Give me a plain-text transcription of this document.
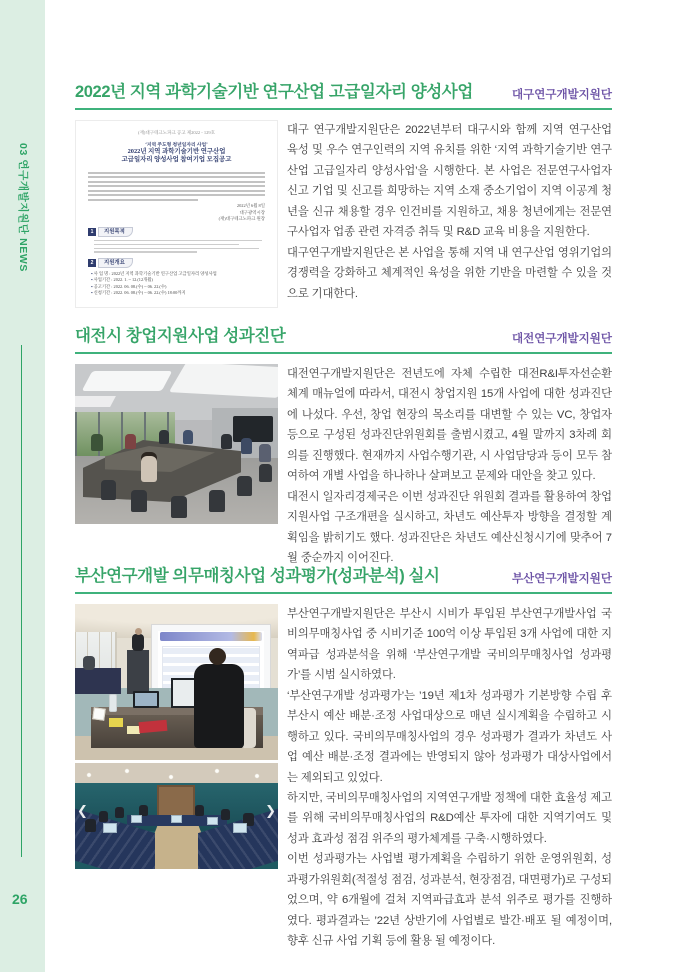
03 연구개발지원단 NEWS
26
2022년 지역 과학기술기반 연구산업 고급일자리 양성사업	대구연구개발지원단
(재)대구테크노파크 공고 제2022 - 129호
‘지역 주도형 청년일자리 사업’
2022년 지역 과학기술기반 연구산업
고급일자리 양성사업 참여기업 모집공고
2022년 6월 8일
대구광역시장
(재)대구테크노파크 원장
1	지원목적
2	지원개요
▪ 사 업 명 : 2022년 지역 과학기술기반 연구산업 고급일자리 양성사업
▪ 사업기간 : 2022. 1. ~ 12.(12개월)
▪ 공고기간 : 2022. 06. 08.(수) ~ 06. 22.(수)
▪ 신청기간 : 2022. 06. 08.(수) ~ 06. 22.(수) 18:00까지

대구 연구개발지원단은 2022년부터 대구시와 함께 지역 연구산업 육성 및 우수 연구인력의 지역 유치를 위한 ‘지역 과학기술기반 연구산업 고급일자리 양성사업’을 시행한다. 본 사업은 전문연구사업자 신고 기업 및 신고를 희망하는 지역 소재 중소기업이 지역 이공계 청년을 신규 채용할 경우 인건비를 지원하고, 채용 청년에게는 전문연구사업자 업종 관련 자격증 취득 및 R&D 교육 비용을 지원한다.

대구연구개발지원단은 본 사업을 통해 지역 내 연구산업 영위기업의 경쟁력을 강화하고 체계적인 육성을 위한 기반을 마련할 수 있을 것으로 기대한다.

대전시 창업지원사업 성과진단	대전연구개발지원단

대전연구개발지원단은 전년도에 자체 수립한 대전R&I투자선순환 체계 매뉴얼에 따라서, 대전시 창업지원 15개 사업에 대한 성과진단에 나섰다. 우선, 창업 현장의 목소리를 대변할 수 있는 VC, 창업자 등으로 구성된 성과진단위원회를 출범시켰고, 4월 말까지 3차례 회의를 진행했다. 현재까지 사업수행기관, 시 사업담당과 등이 모두 참여하여 개별 사업을 하나하나 살펴보고 문제와 대안을 찾고 있다.

대전시 일자리경제국은 이번 성과진단 위원회 결과를 활용하여 창업지원사업 구조개편을 실시하고, 차년도 예산투자 방향을 결정할 계획임을 밝히기도 했다. 성과진단은 차년도 예산신청시기에 맞추어 7월 중순까지 이어진다.

부산연구개발 의무매칭사업 성과평가(성과분석) 실시	부산연구개발지원단
❮	❯

부산연구개발지원단은 부산시 시비가 투입된 부산연구개발사업 국비의무매칭사업 중 시비기준 100억 이상 투입된 3개 사업에 대한 지역파급 성과분석을 위해 ‘부산연구개발 국비의무매칭사업 성과평가’를 시범 실시하였다.

‘부산연구개발 성과평가’는 ’19년 제1차 성과평가 기본방향 수립 후 부산시 예산 배분·조정 사업대상으로 매년 실시계획을 수립하고 시행하고 있다. 국비의무매칭사업의 경우 성과평가 결과가 차년도 사업 예산 배분·조정 결과에는 반영되지 않아 성과평가 대상사업에서는 제외되고 있었다.

하지만, 국비의무매칭사업의 지역연구개발 정책에 대한 효율성 제고를 위해 국비의무매칭사업의 R&D예산 투자에 대한 지역기여도 및 성과 효과성 점검 위주의 평가체계를 구축·시행하였다.

이번 성과평가는 사업별 평가계획을 수립하기 위한 운영위원회, 성과평가위원회(적절성 점검, 성과분석, 현장점검, 대면평가)로 구성되었으며, 약 6개월에 걸쳐 지역파급효과 분석 위주로 평가를 진행하였다. 평과결과는 ’22년 상반기에 사업별로 발간·배포 될 예정이며, 향후 신규 사업 기획 등에 활용 될 예정이다.
